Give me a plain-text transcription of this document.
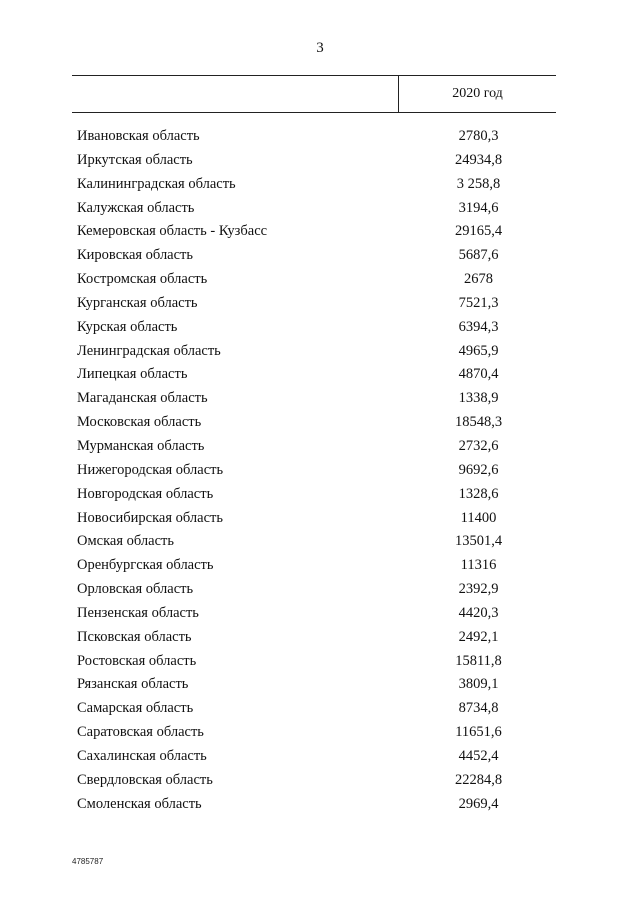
3
2020 год
Ивановская область	2780,3
Иркутская область	24934,8
Калининградская область	3 258,8
Калужская область	3194,6
Кемеровская область - Кузбасс	29165,4
Кировская область	5687,6
Костромская область	2678
Курганская область	7521,3
Курская область	6394,3
Ленинградская область	4965,9
Липецкая область	4870,4
Магаданская область	1338,9
Московская область	18548,3
Мурманская область	2732,6
Нижегородская область	9692,6
Новгородская область	1328,6
Новосибирская область	11400
Омская область	13501,4
Оренбургская область	11316
Орловская область	2392,9
Пензенская область	4420,3
Псковская область	2492,1
Ростовская область	15811,8
Рязанская область	3809,1
Самарская область	8734,8
Саратовская область	11651,6
Сахалинская область	4452,4
Свердловская область	22284,8
Смоленская область	2969,4
4785787
